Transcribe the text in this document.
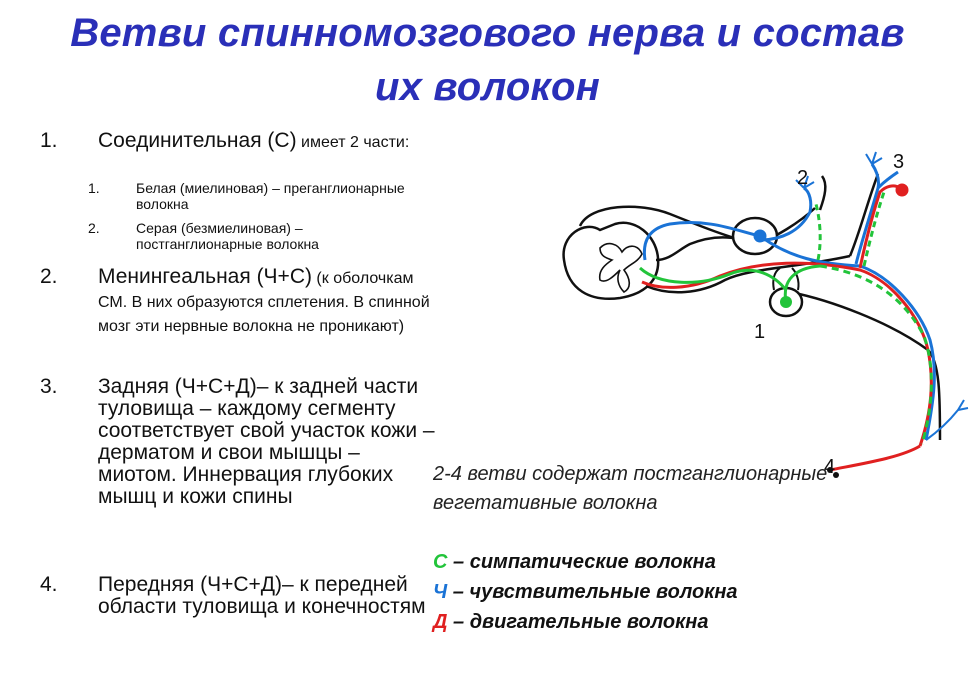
Ветви спинномозгового нерва и состав
их волокон
1. Соединительная (С) имеет 2 части:
1.	Белая (миелиновая) – преганглионарные волокна
2.	Серая (безмиелиновая) – постганглионарные волокна
2. Менингеальная (Ч+С) (к оболочкам СМ. В них образуются сплетения. В спинной мозг эти нервные волокна не проникают)
3. Задняя (Ч+С+Д)– к задней части туловища – каждому сегменту соответствует свой участок кожи – дерматом и свои мышцы – миотом. Иннервация глубоких мышц и кожи спины
4. Передняя (Ч+С+Д)– к передней области туловища и конечностям
2-4 ветви содержат постганглионарные вегетативные волокна
С – симпатические волокна
Ч – чувствительные волокна
Д – двигательные волокна
1
2
3
4
